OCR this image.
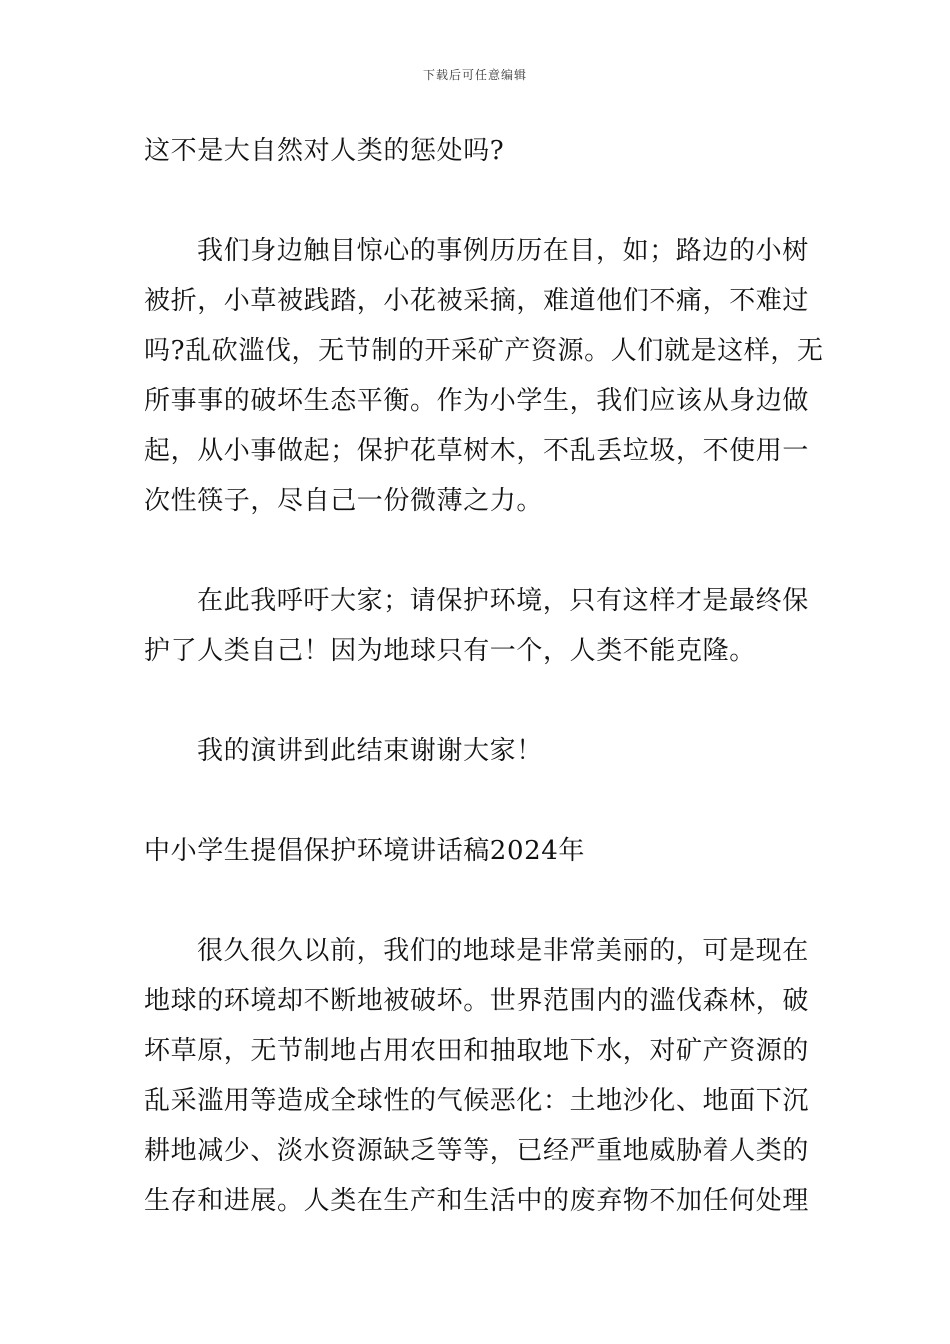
下载后可任意编辑
这不是大自然对人类的惩处吗?
我们身边触目惊心的事例历历在目，如；路边的小树
被折，小草被践踏，小花被采摘，难道他们不痛，不难过
吗?乱砍滥伐，无节制的开采矿产资源。人们就是这样，无
所事事的破坏生态平衡。作为小学生，我们应该从身边做
起，从小事做起；保护花草树木，不乱丢垃圾，不使用一
次性筷子，尽自己一份微薄之力。
在此我呼吁大家；请保护环境，只有这样才是最终保
护了人类自己！因为地球只有一个，人类不能克隆。
我的演讲到此结束谢谢大家！
中小学生提倡保护环境讲话稿2024年
很久很久以前，我们的地球是非常美丽的，可是现在
地球的环境却不断地被破坏。世界范围内的滥伐森林，破
坏草原，无节制地占用农田和抽取地下水，对矿产资源的
乱采滥用等造成全球性的气候恶化：土地沙化、地面下沉
耕地减少、淡水资源缺乏等等，已经严重地威胁着人类的
生存和进展。人类在生产和生活中的废弃物不加任何处理
